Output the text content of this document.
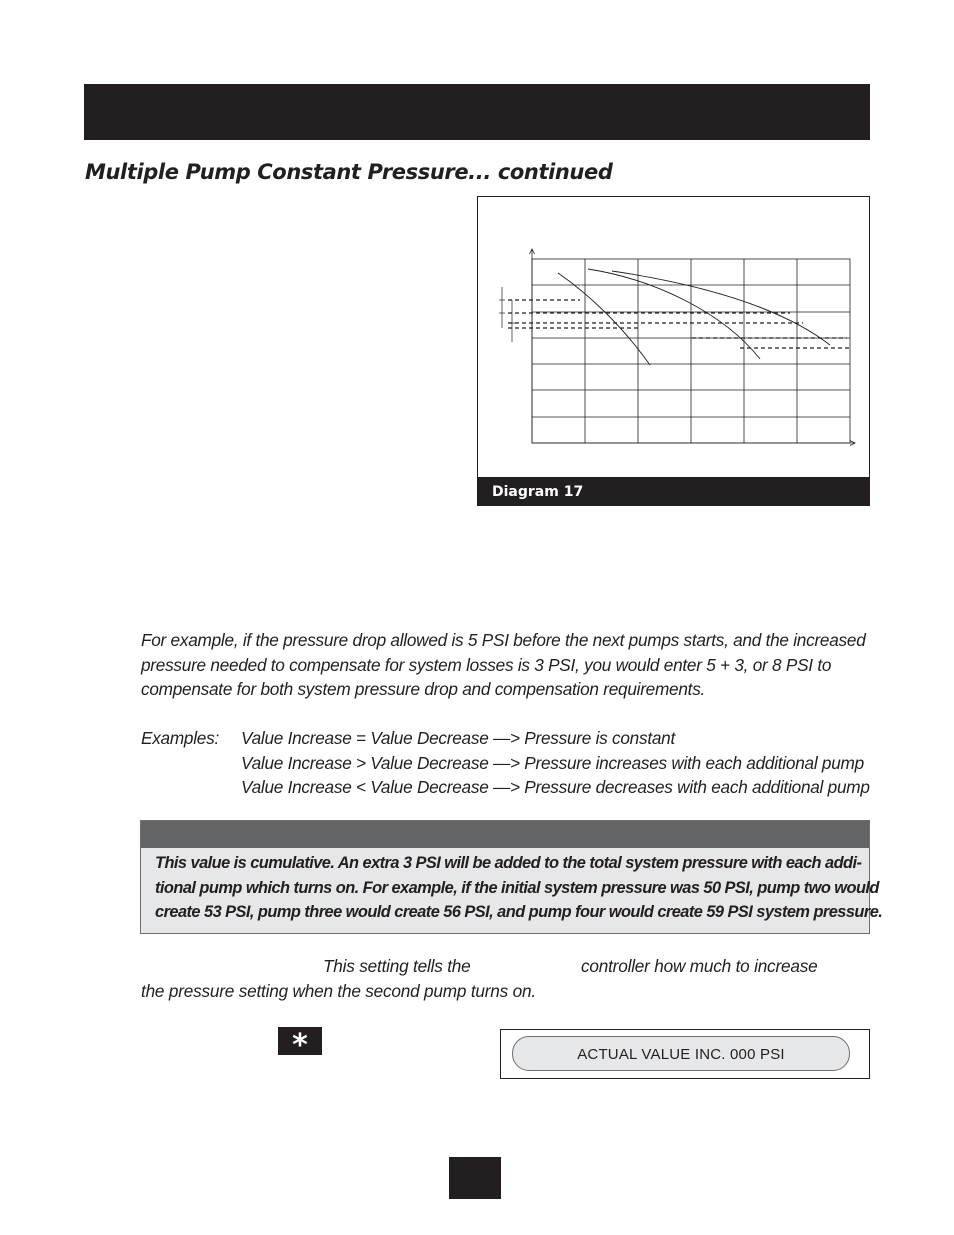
Multiple Pump Constant Pressure... continued
Diagram 17

For example, if the pressure drop allowed is 5 PSI before the next pumps starts, and the increased
pressure needed to compensate for system losses is 3 PSI, you would enter 5 + 3, or 8 PSI to
compensate for both system pressure drop and compensation requirements.

Examples: Value Increase = Value Decrease —> Pressure is constant
Value Increase > Value Decrease —> Pressure increases with each additional pump
Value Increase < Value Decrease —> Pressure decreases with each additional pump

This value is cumulative. An extra 3 PSI will be added to the total system pressure with each addi-
tional pump which turns on. For example, if the initial system pressure was 50 PSI, pump two would
create 53 PSI, pump three would create 56 PSI, and pump four would create 59 PSI system pressure.

This setting tells the	controller how much to increase
the pressure setting when the second pump turns on.
*	ACTUAL VALUE INC. 000 PSI
